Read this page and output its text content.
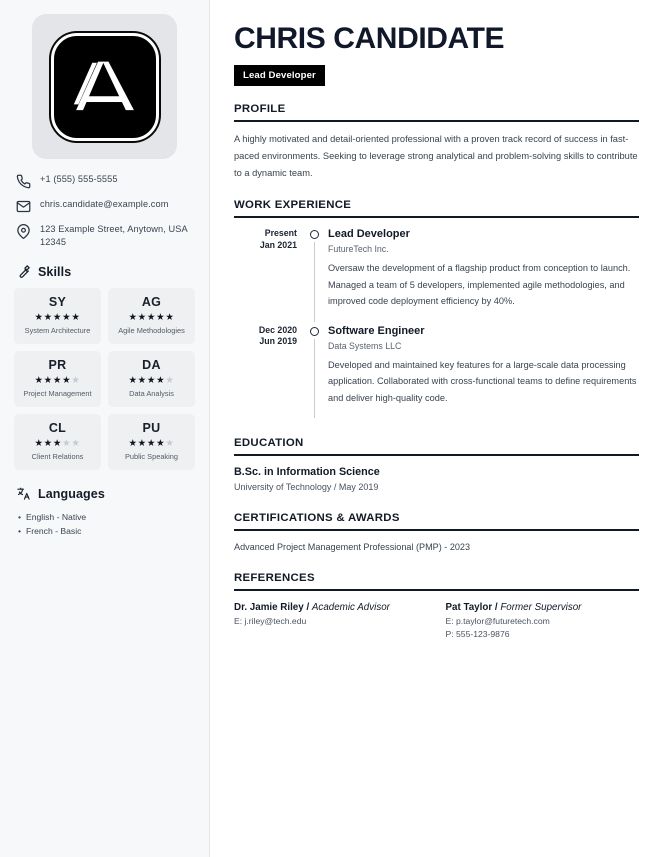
+1 (555) 555-5555
chris.candidate@example.com
123 Example Street, Anytown, USA 12345
Skills
SY
★★★★★
System Architecture
AG
★★★★★
Agile Methodologies
PR
★★★★★
Project Management
DA
★★★★★
Data Analysis
CL
★★★★★
Client Relations
PU
★★★★★
Public Speaking
Languages
• English - Native
• French - Basic
CHRIS CANDIDATE
Lead Developer
PROFILE

A highly motivated and detail-oriented professional with a proven track record of success in fast-paced environments. Seeking to leverage strong analytical and problem-solving skills to contribute to a dynamic team.

WORK EXPERIENCE
Present
Jan 2021
Lead Developer
FutureTech Inc.
Oversaw the development of a flagship product from conception to launch. Managed a team of 5 developers, implemented agile methodologies, and improved code deployment efficiency by 40%.
Dec 2020
Jun 2019
Software Engineer
Data Systems LLC
Developed and maintained key features for a large-scale data processing application. Collaborated with cross-functional teams to define requirements and deliver high-quality code.
EDUCATION
B.Sc. in Information Science
University of Technology / May 2019
CERTIFICATIONS & AWARDS
Advanced Project Management Professional (PMP) - 2023
REFERENCES
Dr. Jamie Riley / Academic Advisor
E: j.riley@tech.edu
Pat Taylor / Former Supervisor
E: p.taylor@futuretech.com
P: 555-123-9876
